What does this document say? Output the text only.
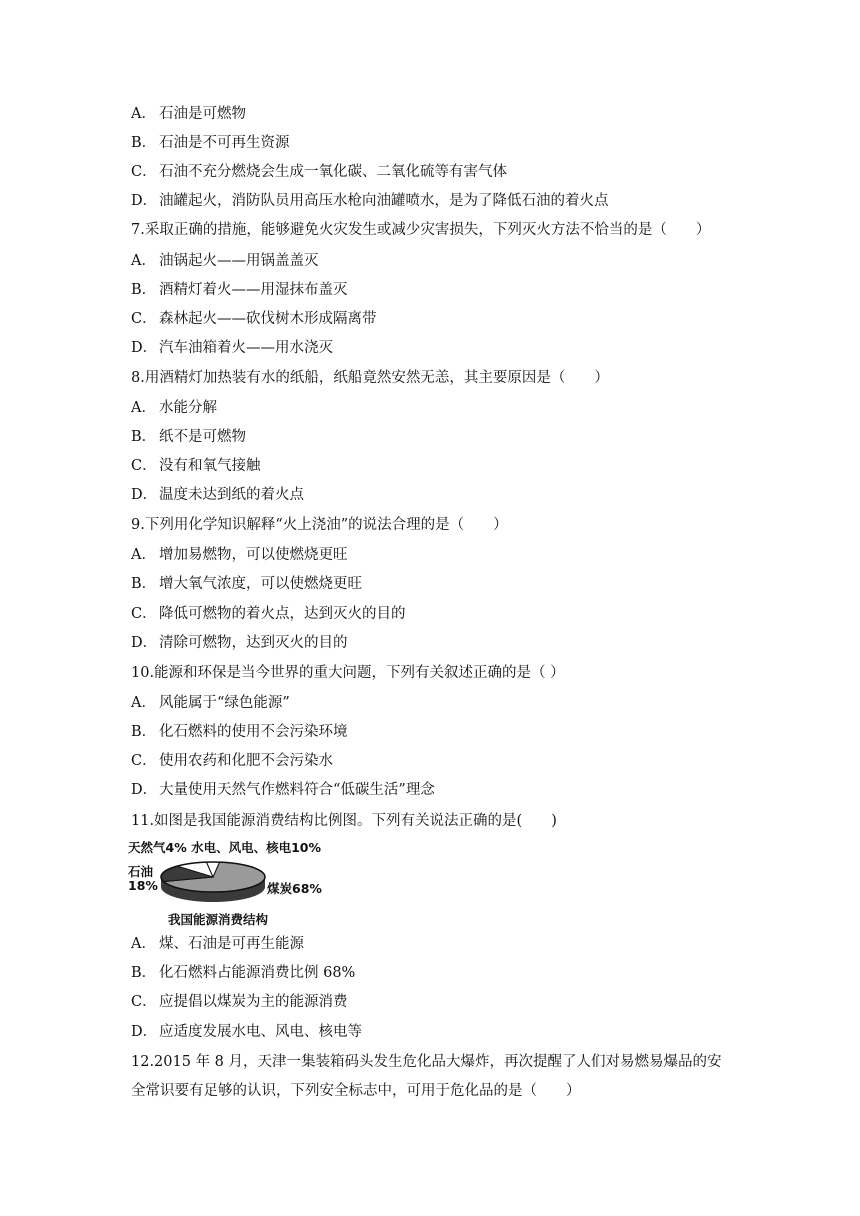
A． 石油是可燃物
B． 石油是不可再生资源
C． 石油不充分燃烧会生成一氧化碳、二氧化硫等有害气体
D． 油罐起火，消防队员用高压水枪向油罐喷水，是为了降低石油的着火点
7.采取正确的措施，能够避免火灾发生或减少灾害损失，下列灭火方法不恰当的是（　　）
A． 油锅起火——用锅盖盖灭
B． 酒精灯着火——用湿抹布盖灭
C． 森林起火——砍伐树木形成隔离带
D． 汽车油箱着火——用水浇灭
8.用酒精灯加热装有水的纸船，纸船竟然安然无恙，其主要原因是（　　）
A． 水能分解
B． 纸不是可燃物
C． 没有和氧气接触
D． 温度未达到纸的着火点
9.下列用化学知识解释“火上浇油”的说法合理的是（　　）
A． 增加易燃物，可以使燃烧更旺
B． 增大氧气浓度，可以使燃烧更旺
C． 降低可燃物的着火点，达到灭火的目的
D． 清除可燃物，达到灭火的目的
10.能源和环保是当今世界的重大问题，下列有关叙述正确的是（ ）
A． 风能属于“绿色能源”
B． 化石燃料的使用不会污染环境
C． 使用农药和化肥不会污染水
D． 大量使用天然气作燃料符合“低碳生活”理念
11.如图是我国能源消费结构比例图。下列有关说法正确的是(　　)
天然气4% 水电、风电、核电10%
石油
18%	煤炭68%
我国能源消费结构
A． 煤、石油是可再生能源
B． 化石燃料占能源消费比例 68%
C． 应提倡以煤炭为主的能源消费
D． 应适度发展水电、风电、核电等
12.2015 年 8 月，天津一集装箱码头发生危化品大爆炸，再次提醒了人们对易燃易爆品的安
全常识要有足够的认识，下列安全标志中，可用于危化品的是（　　）
